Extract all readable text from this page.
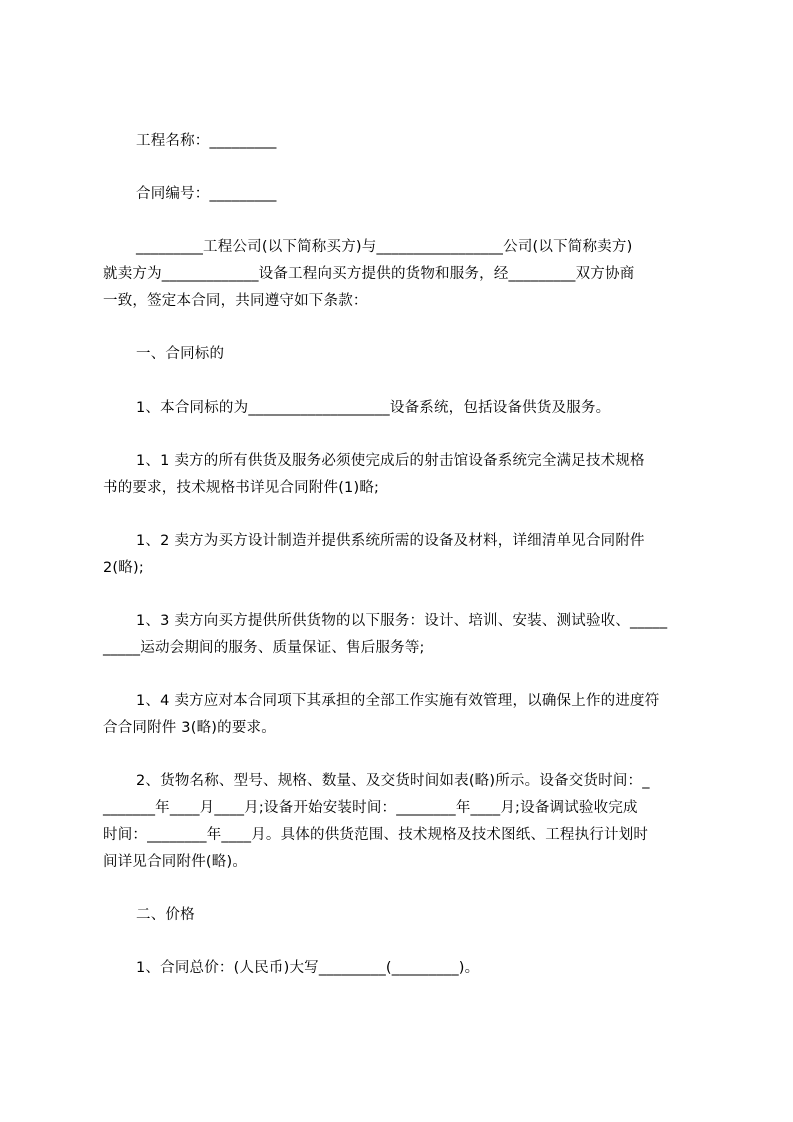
工程名称：_________
合同编号：_________
_________工程公司(以下简称买方)与_________________公司(以下简称卖方)
就卖方为_____________设备工程向买方提供的货物和服务，经_________双方协商
一致，签定本合同，共同遵守如下条款：
一、合同标的
1、本合同标的为___________________设备系统，包括设备供货及服务。
1、1 卖方的所有供货及服务必须使完成后的射击馆设备系统完全满足技术规格
书的要求，技术规格书详见合同附件(1)略;
1、2 卖方为买方设计制造并提供系统所需的设备及材料，详细清单见合同附件
2(略);
1、3 卖方向买方提供所供货物的以下服务：设计、培训、安装、测试验收、_____
_____运动会期间的服务、质量保证、售后服务等;
1、4 卖方应对本合同项下其承担的全部工作实施有效管理，以确保上作的进度符
合合同附件 3(略)的要求。
2、货物名称、型号、规格、数量、及交货时间如表(略)所示。设备交货时间：_
_______年____月____月;设备开始安装时间：________年____月;设备调试验收完成
时间：________年____月。具体的供货范围、技术规格及技术图纸、工程执行计划时
间详见合同附件(略)。
二、价格
1、合同总价：(人民币)大写_________(_________)。
